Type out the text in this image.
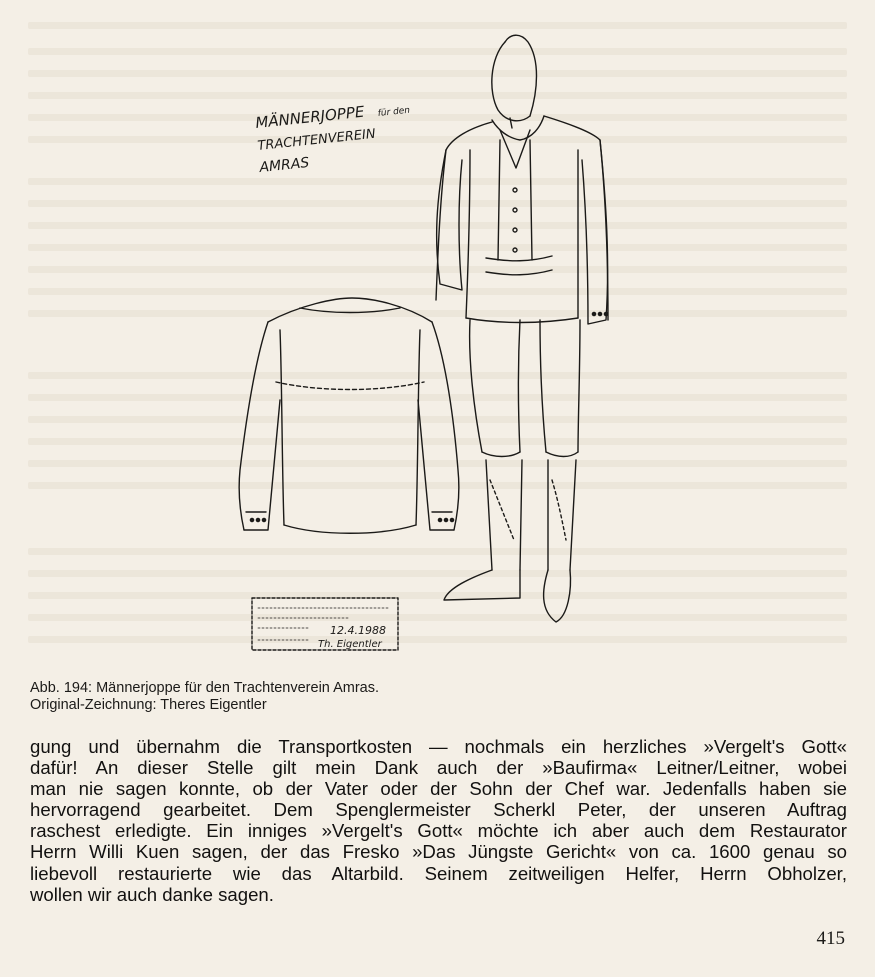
MÄNNERJOPPE für den
TRACHTENVEREIN
AMRAS
12.4.1988
Th. Eigentler
Abb. 194: Männerjoppe für den Trachtenverein Amras.
Original-Zeichnung: Theres Eigentler
gung und übernahm die Transportkosten — nochmals ein herzliches »Vergelt's Gott«
dafür! An dieser Stelle gilt mein Dank auch der »Baufirma« Leitner/Leitner, wobei
man nie sagen konnte, ob der Vater oder der Sohn der Chef war. Jedenfalls haben sie
hervorragend gearbeitet. Dem Spenglermeister Scherkl Peter, der unseren Auftrag
raschest erledigte. Ein inniges »Vergelt's Gott« möchte ich aber auch dem Restaurator
Herrn Willi Kuen sagen, der das Fresko »Das Jüngste Gericht« von ca. 1600 genau so
liebevoll restaurierte wie das Altarbild. Seinem zeitweiligen Helfer, Herrn Obholzer,
wollen wir auch danke sagen.
415
